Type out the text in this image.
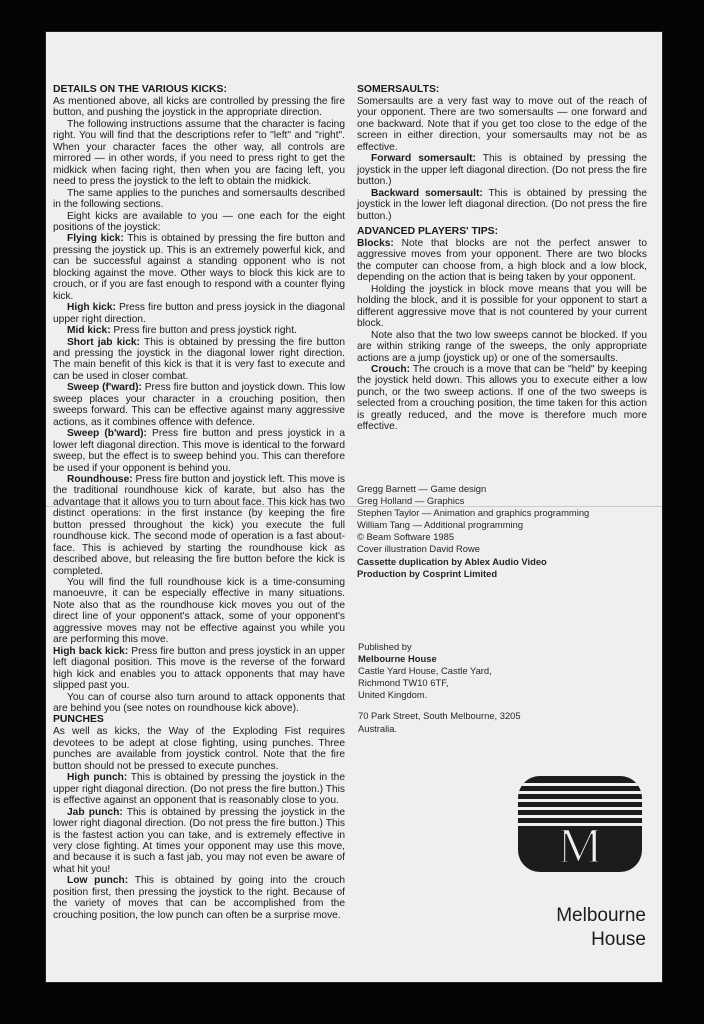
DETAILS ON THE VARIOUS KICKS:

As mentioned above, all kicks are controlled by pressing the fire button, and pushing the joystick in the appropriate direction.

The following instructions assume that the character is facing right. You will find that the descriptions refer to "left" and "right". When your character faces the other way, all controls are mirrored — in other words, if you need to press right to get the midkick when facing right, then when you are facing left, you need to press the joystick to the left to obtain the midkick.

The same applies to the punches and somersaults described in the following sections.

Eight kicks are available to you — one each for the eight positions of the joystick:

Flying kick: This is obtained by pressing the fire button and pressing the joystick up. This is an extremely powerful kick, and can be successful against a standing opponent who is not blocking against the move. Other ways to block this kick are to crouch, or if you are fast enough to respond with a counter flying kick.

High kick: Press fire button and press joysick in the diagonal upper right direction.

Mid kick: Press fire button and press joystick right.

Short jab kick: This is obtained by pressing the fire button and pressing the joystick in the diagonal lower right direction. The main benefit of this kick is that it is very fast to execute and can be used in closer combat.

Sweep (f'ward): Press fire button and joystick down. This low sweep places your character in a crouching position, then sweeps forward. This can be effective against many aggressive actions, as it combines offence with defence.

Sweep (b'ward): Press fire button and press joystick in a lower left diagonal direction. This move is identical to the forward sweep, but the effect is to sweep behind you. This can therefore be used if your opponent is behind you.

Roundhouse: Press fire button and joystick left. This move is the traditional roundhouse kick of karate, but also has the advantage that it allows you to turn about face. This kick has two distinct operations: in the first instance (by keeping the fire button pressed throughout the kick) you execute the full roundhouse kick. The second mode of operation is a fast about-face. This is achieved by starting the roundhouse kick as described above, but releasing the fire button before the kick is completed.

You will find the full roundhouse kick is a time-consuming manoeuvre, it can be especially effective in many situations. Note also that as the roundhouse kick moves you out of the direct line of your opponent's attack, some of your opponent's aggressive moves may not be effective against you while you are performing this move.

High back kick: Press fire button and press joystick in an upper left diagonal position. This move is the reverse of the forward high kick and enables you to attack opponents that may have slipped past you.

You can of course also turn around to attack opponents that are behind you (see notes on roundhouse kick above).

PUNCHES

As well as kicks, the Way of the Exploding Fist requires devotees to be adept at close fighting, using punches. Three punches are available from joystick control. Note that the fire button should not be pressed to execute punches.

High punch: This is obtained by pressing the joystick in the upper right diagonal direction. (Do not press the fire button.) This is effective against an opponent that is reasonably close to you.

Jab punch: This is obtained by pressing the joystick in the lower right diagonal direction. (Do not press the fire button.) This is the fastest action you can take, and is extremely effective in very close fighting. At times your opponent may use this move, and because it is such a fast jab, you may not even be aware of what hit you!

Low punch: This is obtained by going into the crouch position first, then pressing the joystick to the right. Because of the variety of moves that can be accomplished from the crouching position, the low punch can often be a surprise move.

SOMERSAULTS:

Somersaults are a very fast way to move out of the reach of your opponent. There are two somersaults — one forward and one backward. Note that if you get too close to the edge of the screen in either direction, your somersaults may not be as effective.

Forward somersault: This is obtained by pressing the joystick in the upper left diagonal direction. (Do not press the fire button.)

Backward somersault: This is obtained by pressing the joystick in the lower left diagonal direction. (Do not press the fire button.)

ADVANCED PLAYERS' TIPS:

Blocks: Note that blocks are not the perfect answer to aggressive moves from your opponent. There are two blocks the computer can choose from, a high block and a low block, depending on the action that is being taken by your opponent.

Holding the joystick in block move means that you will be holding the block, and it is possible for your opponent to start a different aggressive move that is not countered by your current block.

Note also that the two low sweeps cannot be blocked. If you are within striking range of the sweeps, the only appropriate actions are a jump (joystick up) or one of the somersaults.

Crouch: The crouch is a move that can be "held" by keeping the joystick held down. This allows you to execute either a low punch, or the two sweep actions. If one of the two sweeps is selected from a crouching position, the time taken for this action is greatly reduced, and the move is therefore much more effective.

Gregg Barnett — Game design
Greg Holland — Graphics
Stephen Taylor — Animation and graphics programming
William Tang — Additional programming
© Beam Software 1985
Cover illustration David Rowe
Cassette duplication by Ablex Audio Video
Production by Cosprint Limited
Published by
Melbourne House
Castle Yard House, Castle Yard,
Richmond TW10 6TF,
United Kingdom.
70 Park Street, South Melbourne, 3205
Australia.
M
Melbourne
House
